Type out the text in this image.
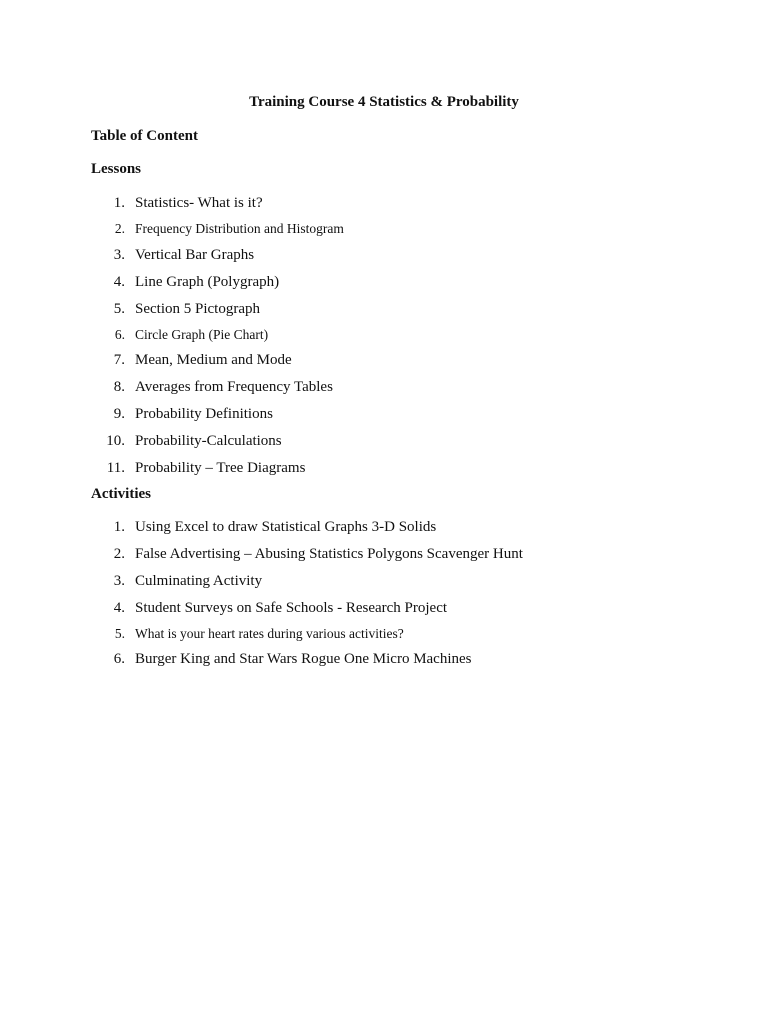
Training Course 4 Statistics & Probability
Table of Content
Lessons
1. Statistics- What is it?
2. Frequency Distribution and Histogram
3. Vertical Bar Graphs
4. Line Graph (Polygraph)
5. Section 5 Pictograph
6. Circle Graph (Pie Chart)
7. Mean, Medium and Mode
8. Averages from Frequency Tables
9. Probability Definitions
10. Probability-Calculations
11. Probability – Tree Diagrams
Activities
1. Using Excel to draw Statistical Graphs 3-D Solids
2. False Advertising – Abusing Statistics Polygons Scavenger Hunt
3. Culminating Activity
4. Student Surveys on Safe Schools - Research Project
5. What is your heart rates during various activities?
6. Burger King and Star Wars Rogue One Micro Machines
